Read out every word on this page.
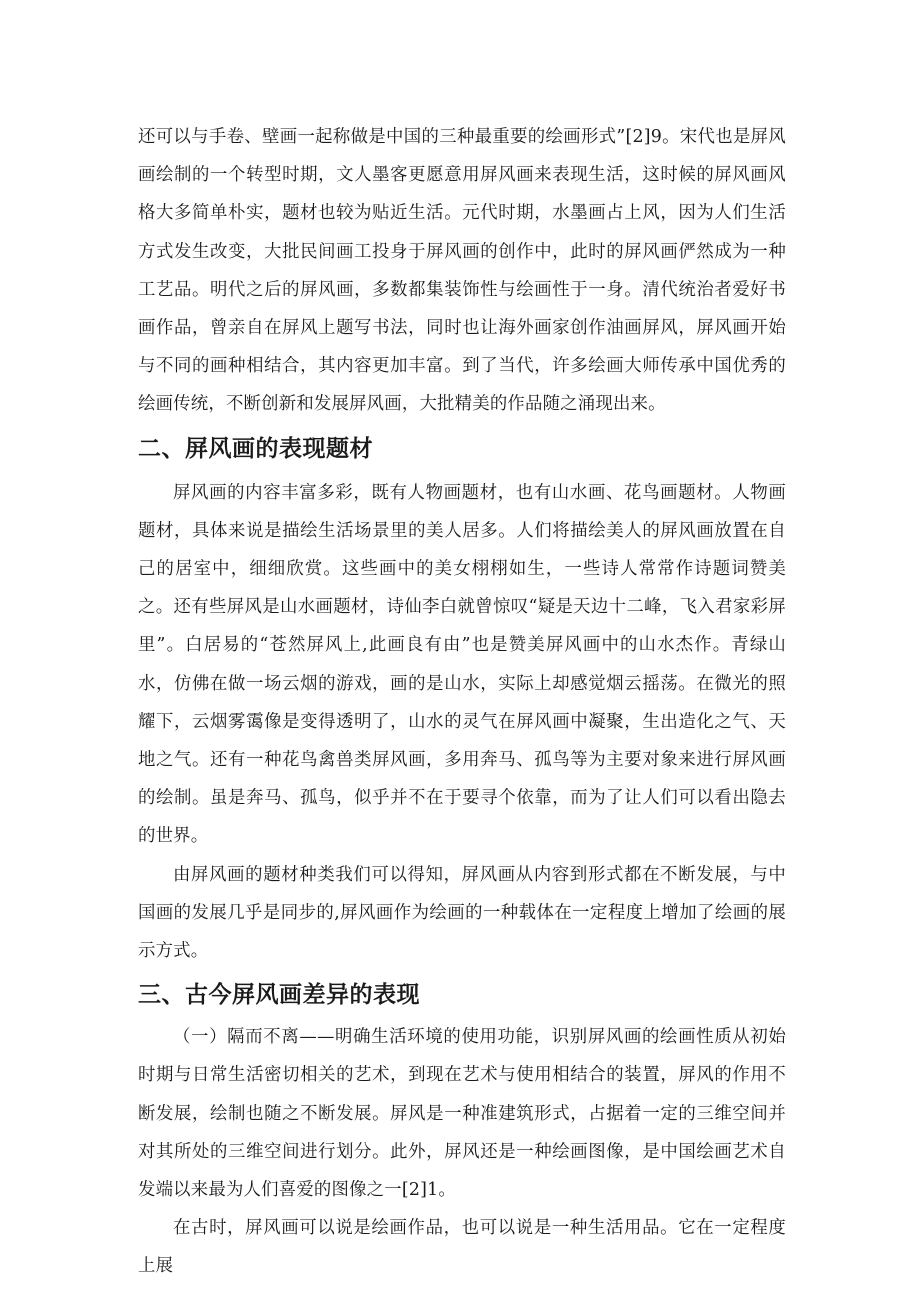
还可以与手卷、壁画一起称做是中国的三种最重要的绘画形式”[2]9。宋代也是屏风画绘制的一个转型时期，文人墨客更愿意用屏风画来表现生活，这时候的屏风画风格大多简单朴实，题材也较为贴近生活。元代时期，水墨画占上风，因为人们生活方式发生改变，大批民间画工投身于屏风画的创作中，此时的屏风画俨然成为一种工艺品。明代之后的屏风画，多数都集装饰性与绘画性于一身。清代统治者爱好书画作品，曾亲自在屏风上题写书法，同时也让海外画家创作油画屏风，屏风画开始与不同的画种相结合，其内容更加丰富。到了当代，许多绘画大师传承中国优秀的绘画传统，不断创新和发展屏风画，大批精美的作品随之涌现出来。

二、屏风画的表现题材

屏风画的内容丰富多彩，既有人物画题材，也有山水画、花鸟画题材。人物画题材，具体来说是描绘生活场景里的美人居多。人们将描绘美人的屏风画放置在自己的居室中，细细欣赏。这些画中的美女栩栩如生，一些诗人常常作诗题词赞美之。还有些屏风是山水画题材，诗仙李白就曾惊叹“疑是天边十二峰，飞入君家彩屏里”。白居易的“苍然屏风上,此画良有由”也是赞美屏风画中的山水杰作。青绿山水，仿佛在做一场云烟的游戏，画的是山水，实际上却感觉烟云摇荡。在微光的照耀下，云烟雾霭像是变得透明了，山水的灵气在屏风画中凝聚，生出造化之气、天地之气。还有一种花鸟禽兽类屏风画，多用奔马、孤鸟等为主要对象来进行屏风画的绘制。虽是奔马、孤鸟，似乎并不在于要寻个依靠，而为了让人们可以看出隐去的世界。

由屏风画的题材种类我们可以得知，屏风画从内容到形式都在不断发展，与中国画的发展几乎是同步的,屏风画作为绘画的一种载体在一定程度上增加了绘画的展示方式。

三、古今屏风画差异的表现

（一）隔而不离——明确生活环境的使用功能，识别屏风画的绘画性质从初始时期与日常生活密切相关的艺术，到现在艺术与使用相结合的装置，屏风的作用不断发展，绘制也随之不断发展。屏风是一种准建筑形式，占据着一定的三维空间并对其所处的三维空间进行划分。此外，屏风还是一种绘画图像，是中国绘画艺术自发端以来最为人们喜爱的图像之一[2]1。

在古时，屏风画可以说是绘画作品，也可以说是一种生活用品。它在一定程度上展
